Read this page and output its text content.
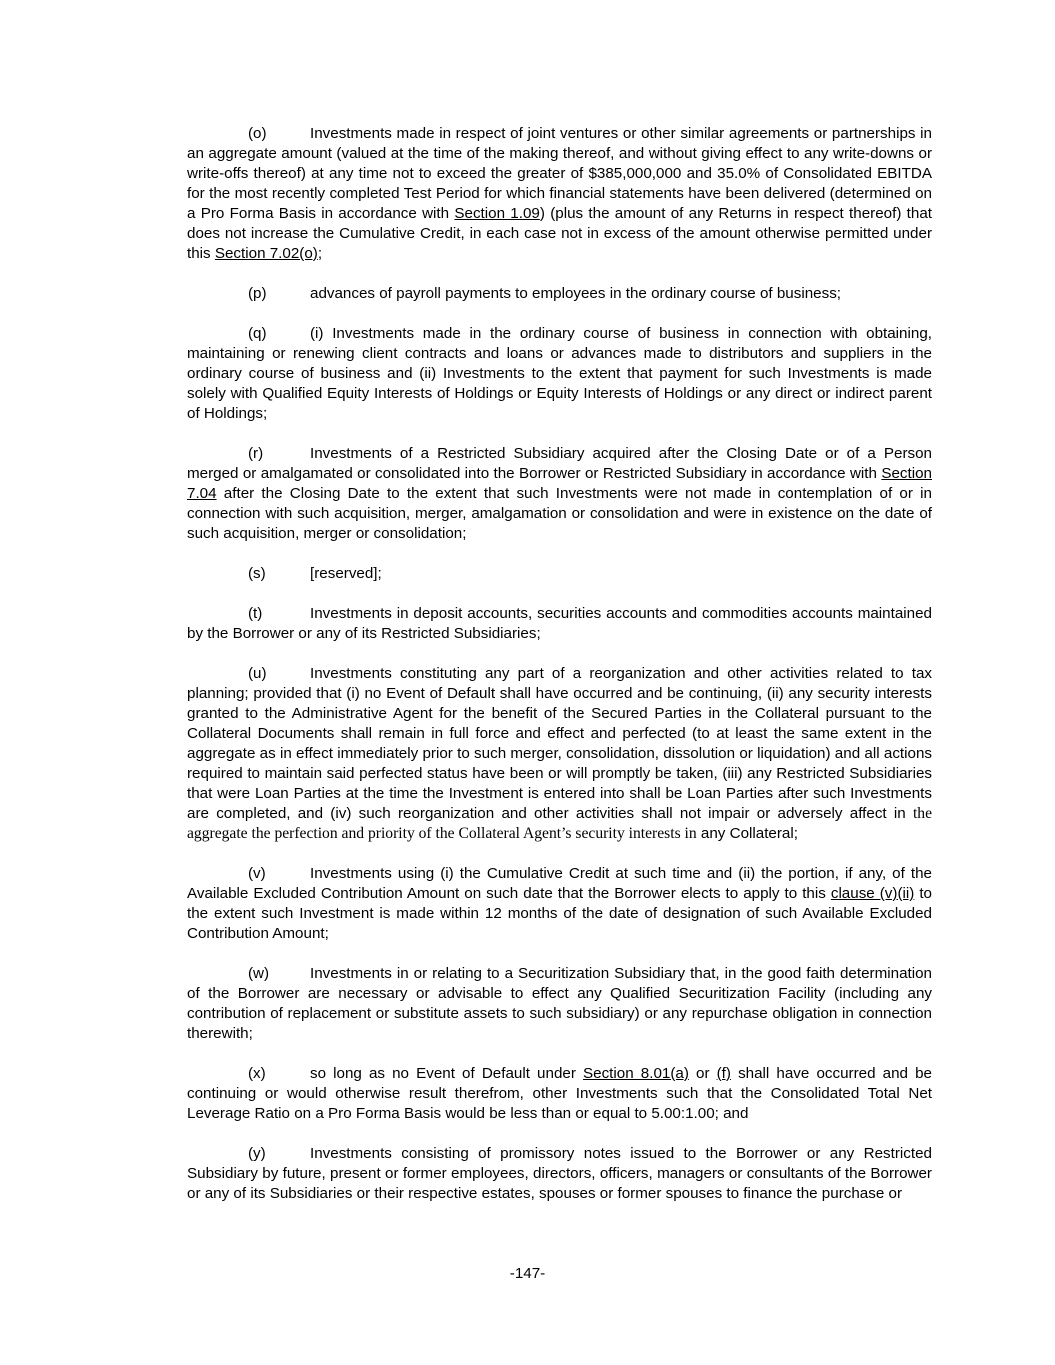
(o)	Investments made in respect of joint ventures or other similar agreements or partnerships in an aggregate amount (valued at the time of the making thereof, and without giving effect to any write-downs or write-offs thereof) at any time not to exceed the greater of $385,000,000 and 35.0% of Consolidated EBITDA for the most recently completed Test Period for which financial statements have been delivered (determined on a Pro Forma Basis in accordance with Section 1.09) (plus the amount of any Returns in respect thereof) that does not increase the Cumulative Credit, in each case not in excess of the amount otherwise permitted under this Section 7.02(o);

(p)	advances of payroll payments to employees in the ordinary course of business;

(q)	(i) Investments made in the ordinary course of business in connection with obtaining, maintaining or renewing client contracts and loans or advances made to distributors and suppliers in the ordinary course of business and (ii) Investments to the extent that payment for such Investments is made solely with Qualified Equity Interests of Holdings or Equity Interests of Holdings or any direct or indirect parent of Holdings;

(r)	Investments of a Restricted Subsidiary acquired after the Closing Date or of a Person merged or amalgamated or consolidated into the Borrower or Restricted Subsidiary in accordance with Section 7.04 after the Closing Date to the extent that such Investments were not made in contemplation of or in connection with such acquisition, merger, amalgamation or consolidation and were in existence on the date of such acquisition, merger or consolidation;

(s)	[reserved];

(t)	Investments in deposit accounts, securities accounts and commodities accounts maintained by the Borrower or any of its Restricted Subsidiaries;

(u)	Investments constituting any part of a reorganization and other activities related to tax planning; provided that (i) no Event of Default shall have occurred and be continuing, (ii) any security interests granted to the Administrative Agent for the benefit of the Secured Parties in the Collateral pursuant to the Collateral Documents shall remain in full force and effect and perfected (to at least the same extent in the aggregate as in effect immediately prior to such merger, consolidation, dissolution or liquidation) and all actions required to maintain said perfected status have been or will promptly be taken, (iii) any Restricted Subsidiaries that were Loan Parties at the time the Investment is entered into shall be Loan Parties after such Investments are completed, and (iv) such reorganization and other activities shall not impair or adversely affect in the aggregate the perfection and priority of the Collateral Agent’s security interests in any Collateral;

(v)	Investments using (i) the Cumulative Credit at such time and (ii) the portion, if any, of the Available Excluded Contribution Amount on such date that the Borrower elects to apply to this clause (v)(ii) to the extent such Investment is made within 12 months of the date of designation of such Available Excluded Contribution Amount;

(w)	Investments in or relating to a Securitization Subsidiary that, in the good faith determination of the Borrower are necessary or advisable to effect any Qualified Securitization Facility (including any contribution of replacement or substitute assets to such subsidiary) or any repurchase obligation in connection therewith;

(x)	so long as no Event of Default under Section 8.01(a) or (f) shall have occurred and be continuing or would otherwise result therefrom, other Investments such that the Consolidated Total Net Leverage Ratio on a Pro Forma Basis would be less than or equal to 5.00:1.00; and

(y)	Investments consisting of promissory notes issued to the Borrower or any Restricted Subsidiary by future, present or former employees, directors, officers, managers or consultants of the Borrower or any of its Subsidiaries or their respective estates, spouses or former spouses to finance the purchase or

-147-
